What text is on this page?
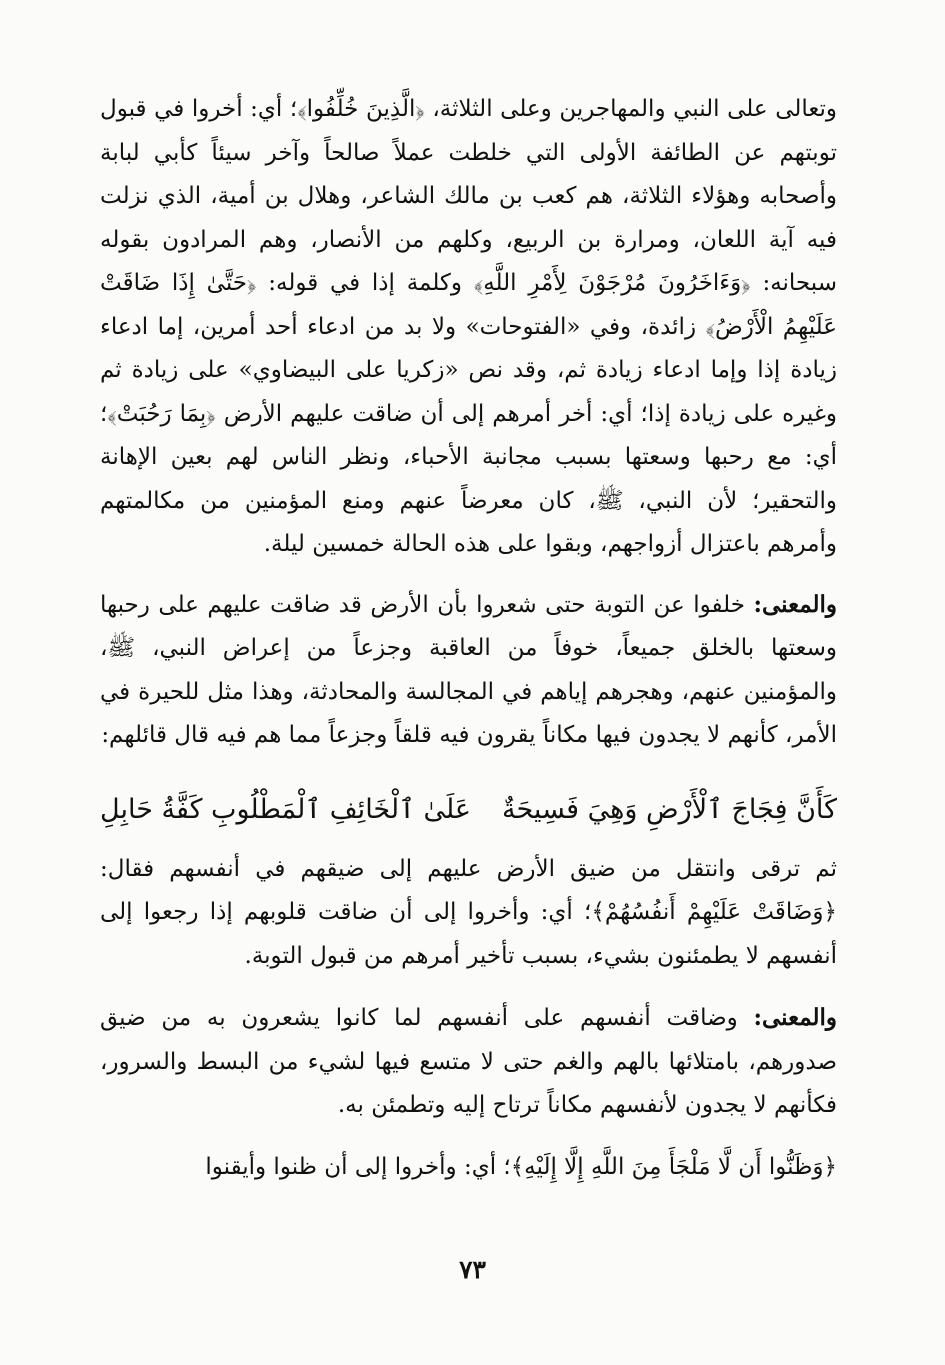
وتعالى على النبي والمهاجرين وعلى الثلاثة، ﴿الَّذِينَ خُلِّفُوا﴾؛ أي: أخروا في قبول توبتهم عن الطائفة الأولى التي خلطت عملاً صالحاً وآخر سيئاً كأبي لبابة وأصحابه وهؤلاء الثلاثة، هم كعب بن مالك الشاعر، وهلال بن أمية، الذي نزلت فيه آية اللعان، ومرارة بن الربيع، وكلهم من الأنصار، وهم المرادون بقوله سبحانه: ﴿وَءَاخَرُونَ مُرْجَوْنَ لِأَمْرِ اللَّهِ﴾ وكلمة إذا في قوله: ﴿حَتَّىٰ إِذَا ضَاقَتْ عَلَيْهِمُ الْأَرْضُ﴾ زائدة، وفي «الفتوحات» ولا بد من ادعاء أحد أمرين، إما ادعاء زيادة إذا وإما ادعاء زيادة ثم، وقد نص «زكريا على البيضاوي» على زيادة ثم وغيره على زيادة إذا؛ أي: أخر أمرهم إلى أن ضاقت عليهم الأرض ﴿بِمَا رَحُبَتْ﴾؛ أي: مع رحبها وسعتها بسبب مجانبة الأحباء، ونظر الناس لهم بعين الإهانة والتحقير؛ لأن النبي، ﷺ، كان معرضاً عنهم ومنع المؤمنين من مكالمتهم وأمرهم باعتزال أزواجهم، وبقوا على هذه الحالة خمسين ليلة.

والمعنى: خلفوا عن التوبة حتى شعروا بأن الأرض قد ضاقت عليهم على رحبها وسعتها بالخلق جميعاً، خوفاً من العاقبة وجزعاً من إعراض النبي، ﷺ، والمؤمنين عنهم، وهجرهم إياهم في المجالسة والمحادثة، وهذا مثل للحيرة في الأمر، كأنهم لا يجدون فيها مكاناً يقرون فيه قلقاً وجزعاً مما هم فيه قال قائلهم:

كَأَنَّ فِجَاجَ ٱلْأَرْضِ وَهِيَ فَسِيحَةٌ
عَلَىٰ ٱلْخَائِفِ ٱلْمَطْلُوبِ كَفَّةُ حَابِلِ

ثم ترقى وانتقل من ضيق الأرض عليهم إلى ضيقهم في أنفسهم فقال: ﴿وَضَاقَتْ عَلَيْهِمْ أَنفُسُهُمْ﴾؛ أي: وأخروا إلى أن ضاقت قلوبهم إذا رجعوا إلى أنفسهم لا يطمئنون بشيء، بسبب تأخير أمرهم من قبول التوبة.

والمعنى: وضاقت أنفسهم على أنفسهم لما كانوا يشعرون به من ضيق صدورهم، بامتلائها بالهم والغم حتى لا متسع فيها لشيء من البسط والسرور، فكأنهم لا يجدون لأنفسهم مكاناً ترتاح إليه وتطمئن به.

﴿وَظَنُّوا أَن لَّا مَلْجَأَ مِنَ اللَّهِ إِلَّا إِلَيْهِ﴾؛ أي: وأخروا إلى أن ظنوا وأيقنوا

٧٣
